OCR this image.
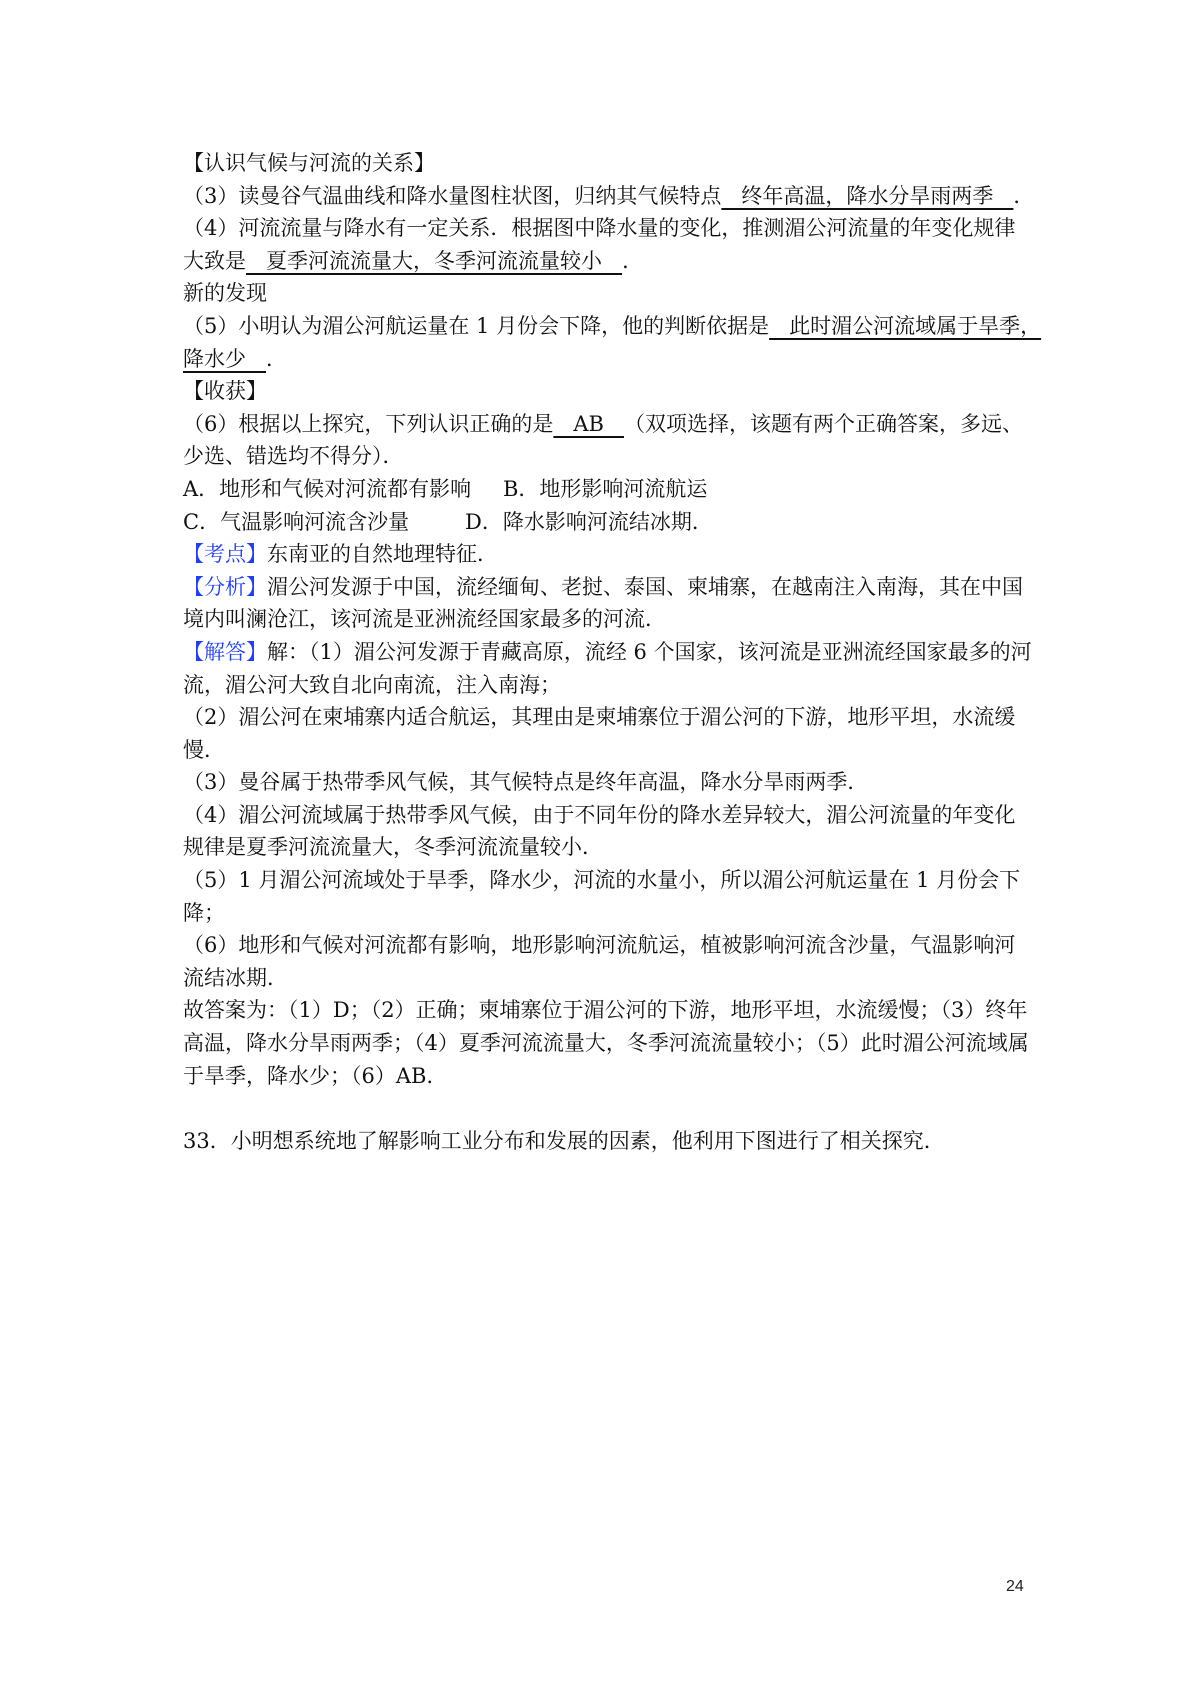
【认识气候与河流的关系】
（3）读曼谷气温曲线和降水量图柱状图，归纳其气候特点   终年高温，降水分旱雨两季   ．
（4）河流流量与降水有一定关系．根据图中降水量的变化，推测湄公河流量的年变化规律
大致是   夏季河流流量大，冬季河流流量较小   ．
新的发现
（5）小明认为湄公河航运量在 1 月份会下降，他的判断依据是   此时湄公河流域属于旱季，
降水少   ．
【收获】
（6）根据以上探究，下列认识正确的是   AB   （双项选择，该题有两个正确答案，多远、
少选、错选均不得分）．
A．地形和气候对河流都有影响 B．地形影响河流航运
C．气温影响河流含沙量	D．降水影响河流结冰期．
【考点】东南亚的自然地理特征．
【分析】湄公河发源于中国，流经缅甸、老挝、泰国、柬埔寨，在越南注入南海，其在中国
境内叫澜沧江，该河流是亚洲流经国家最多的河流．
【解答】解：（1）湄公河发源于青藏高原，流经 6 个国家，该河流是亚洲流经国家最多的河
流，湄公河大致自北向南流，注入南海；
（2）湄公河在柬埔寨内适合航运，其理由是柬埔寨位于湄公河的下游，地形平坦，水流缓
慢．
（3）曼谷属于热带季风气候，其气候特点是终年高温，降水分旱雨两季．
（4）湄公河流域属于热带季风气候，由于不同年份的降水差异较大，湄公河流量的年变化
规律是夏季河流流量大，冬季河流流量较小．
（5）1 月湄公河流域处于旱季，降水少，河流的水量小，所以湄公河航运量在 1 月份会下
降；
（6）地形和气候对河流都有影响，地形影响河流航运，植被影响河流含沙量，气温影响河
流结冰期．
故答案为：（1）D；（2）正确；柬埔寨位于湄公河的下游，地形平坦，水流缓慢；（3）终年
高温，降水分旱雨两季；（4）夏季河流流量大，冬季河流流量较小；（5）此时湄公河流域属
于旱季，降水少；（6）AB．
33．小明想系统地了解影响工业分布和发展的因素，他利用下图进行了相关探究．
24
